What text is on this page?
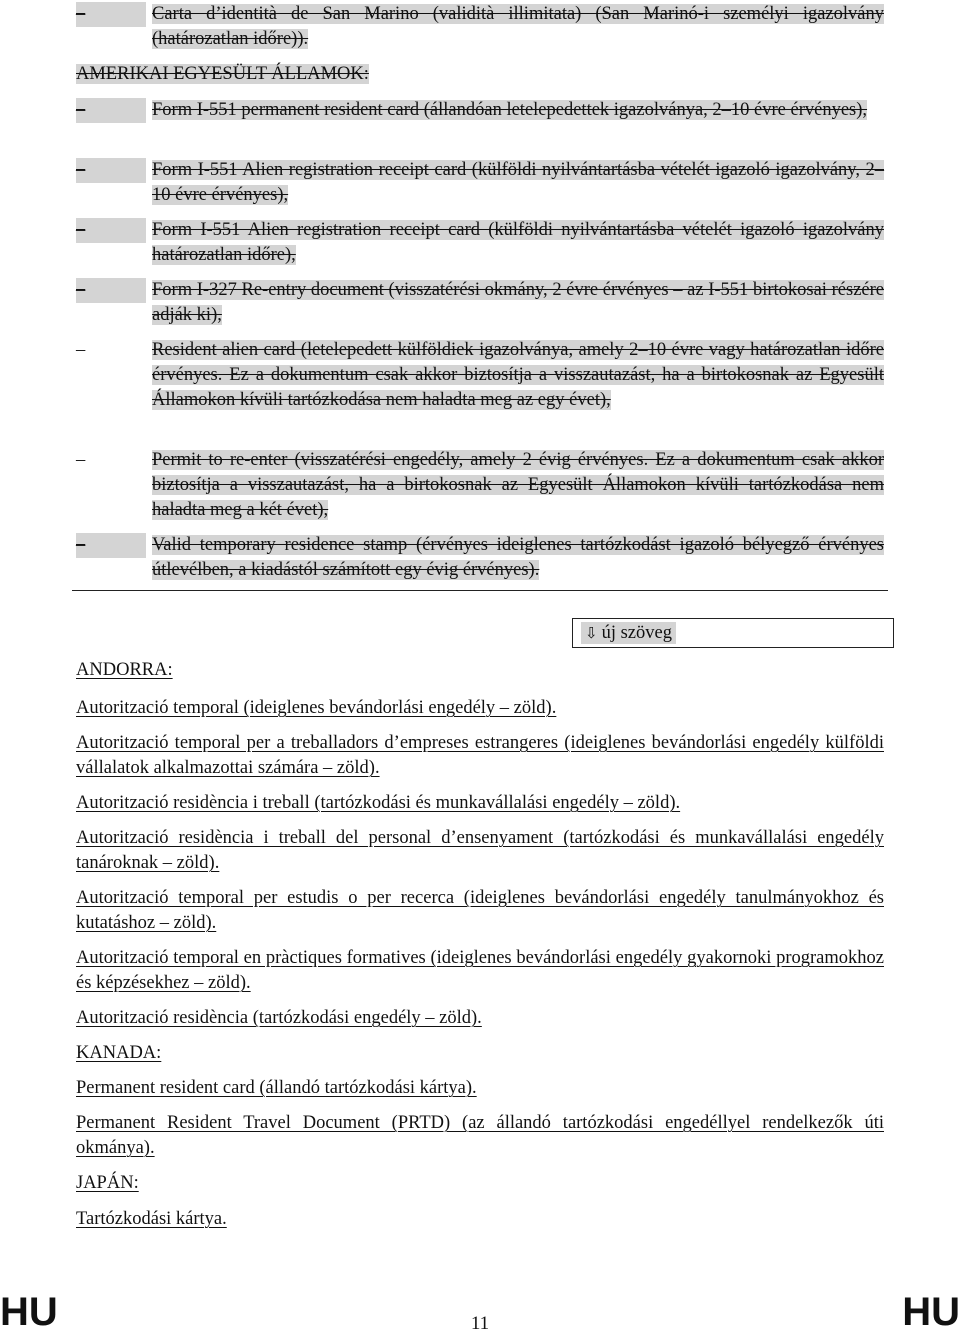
–	Carta d’identità de San Marino (validità illimitata) (San Marinó-i személyi igazolvány (határozatlan időre)).
AMERIKAI EGYESÜLT ÁLLAMOK:
–	Form I-551 permanent resident card (állandóan letelepedettek igazolványa, 2–10 évre érvényes),
–	Form I-551 Alien registration receipt card (külföldi nyilvántartásba vételét igazoló igazolvány, 2–10 évre érvényes),
–	Form I-551 Alien registration receipt card (külföldi nyilvántartásba vételét igazoló igazolvány határozatlan időre),
–	Form I-327 Re-entry document (visszatérési okmány, 2 évre érvényes – az I-551 birtokosai részére adják ki),
–	Resident alien card (letelepedett külföldiek igazolványa, amely 2–10 évre vagy határozatlan időre érvényes. Ez a dokumentum csak akkor biztosítja a visszautazást, ha a birtokosnak az Egyesült Államokon kívüli tartózkodása nem haladta meg az egy évet),
–	Permit to re-enter (visszatérési engedély, amely 2 évig érvényes. Ez a dokumentum csak akkor biztosítja a visszautazást, ha a birtokosnak az Egyesült Államokon kívüli tartózkodása nem haladta meg a két évet),
–	Valid temporary residence stamp (érvényes ideiglenes tartózkodást igazoló bélyegző érvényes útlevélben, a kiadástól számított egy évig érvényes).
⇩ új szöveg
ANDORRA:
Autorització temporal (ideiglenes bevándorlási engedély – zöld).
Autorització temporal per a treballadors d’empreses estrangeres (ideiglenes bevándorlási engedély külföldi vállalatok alkalmazottai számára – zöld).
Autorització residència i treball (tartózkodási és munkavállalási engedély – zöld).
Autorització residència i treball del personal d’ensenyament (tartózkodási és munkavállalási engedély tanároknak – zöld).
Autorització temporal per estudis o per recerca (ideiglenes bevándorlási engedély tanulmányokhoz és kutatáshoz – zöld).
Autorització temporal en pràctiques formatives (ideiglenes bevándorlási engedély gyakornoki programokhoz és képzésekhez – zöld).
Autorització residència (tartózkodási engedély – zöld).
KANADA:
Permanent resident card (állandó tartózkodási kártya).
Permanent Resident Travel Document (PRTD) (az állandó tartózkodási engedéllyel rendelkezők úti okmánya).
JAPÁN:
Tartózkodási kártya.
HU	11	HU
